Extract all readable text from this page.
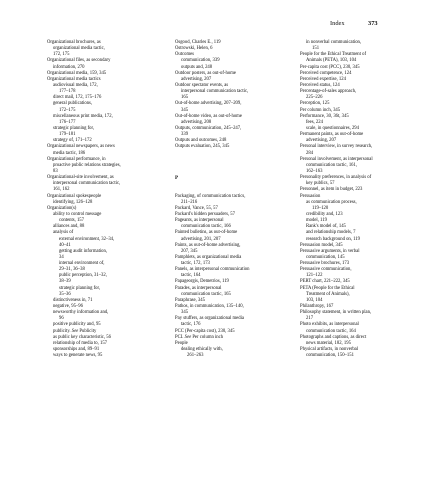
Index	373
Organizational brochures, as
organizational media tactic,
172, 175
Organizational files, as secondary
information, 270
Organizational media, 159, 345
Organizational media tactics
audiovisual media, 172,
177–178
direct mail, 172, 175–176
general publications,
172–175
miscellaneous print media, 172,
176–177
strategic planning for,
179–181
strategy of, 171–172
Organizational newspapers, as news
media tactic, 186
Organizational performance, in
proactive public relations strategies,
83
Organizational-site involvement, as
interpersonal communication tactic,
161, 162
Organizational spokespeople
identifying, 126–128
Organization(s)
ability to control message
contents, 157
alliances and, 88
analysis of
external environment, 32–34,
40–41
getting audit information,
34
internal environment of,
29–31, 36–38
public perception, 31–32,
38–39
strategic planning for,
35–36
distinctiveness in, 71
negative, 95–96
newsworthy information and,
96
positive publicity and, 95
publicity. See Publicity
as public key characteristic, 56
relationship of media to, 157
sponsorships and, 89–91
ways to generate news, 95
Osgood, Charles E., 119
Ostrowski, Helen, 6
Outcomes
communication, 339
outputs and, 248
Outdoor posters, as out-of-home
advertising, 207
Outdoor spectator events, as
interpersonal communication tactic,
165
Out-of-home advertising, 207–209,
345
Out-of-home video, as out-of-home
advertising, 208
Outputs, communication, 245–247,
339
Outputs and outcomes, 248
Outputs evaluation, 245, 345
P
Packaging, of communication tactics,
211–216
Packard, Vance, 55, 57
Packard's hidden persuaders, 57
Pageants, as interpersonal
communication tactic, 166
Painted bulletins, as out-of-home
advertising, 201, 207
Paints, as out-of-home advertising,
207, 345
Pamphlets, as organizational media
tactic, 172, 173
Panels, as interpersonal communication
tactic, 164
Papageorgis, Demetrios, 119
Parades, as interpersonal
communication tactic, 165
Paraphrase, 345
Pathos, in communication, 135–140,
345
Pay stuffers, as organizational media
tactic, 176
PCC (Per-capita cost), 230, 345
PCI. See Per column inch
People
dealing ethically with,
261–263
in nonverbal communication,
151
People for the Ethical Treatment of
Animals (PETA), 103, 104
Per-capita cost (PCC), 230, 345
Perceived competence, 124
Perceived expertise, 124
Perceived status, 124
Percentage-of-sales approach,
225–226
Perception, 125
Per column inch, 345
Performance, 30, 36t, 345
fees, 224
scale, in questionnaires, 294
Permanent paints, as out-of-home
advertising, 207
Personal interview, in survey research,
284
Personal involvement, as interpersonal
communication tactic, 161,
162–163
Personality preferences, in analysis of
key publics, 57
Personnel, as item in budget, 223
Persuasion
as communication process,
119–120
credibility and, 123
model, 119
Rank's model of, 145
and relationship models, 7
research background on, 119
Persuasion model, 345
Persuasive arguments, in verbal
communication, 145
Persuasive brochures, 173
Persuasive communication,
121–122
PERT chart, 221–222, 345
PETA (People for the Ethical
Treatment of Animals),
103, 104
Philanthropy, 167
Philosophy statement, in written plan,
217
Photo exhibits, as interpersonal
communication tactic, 164
Photographs and captions, as direct
news material, 182, 195
Physical artifacts, in nonverbal
communication, 150–151
